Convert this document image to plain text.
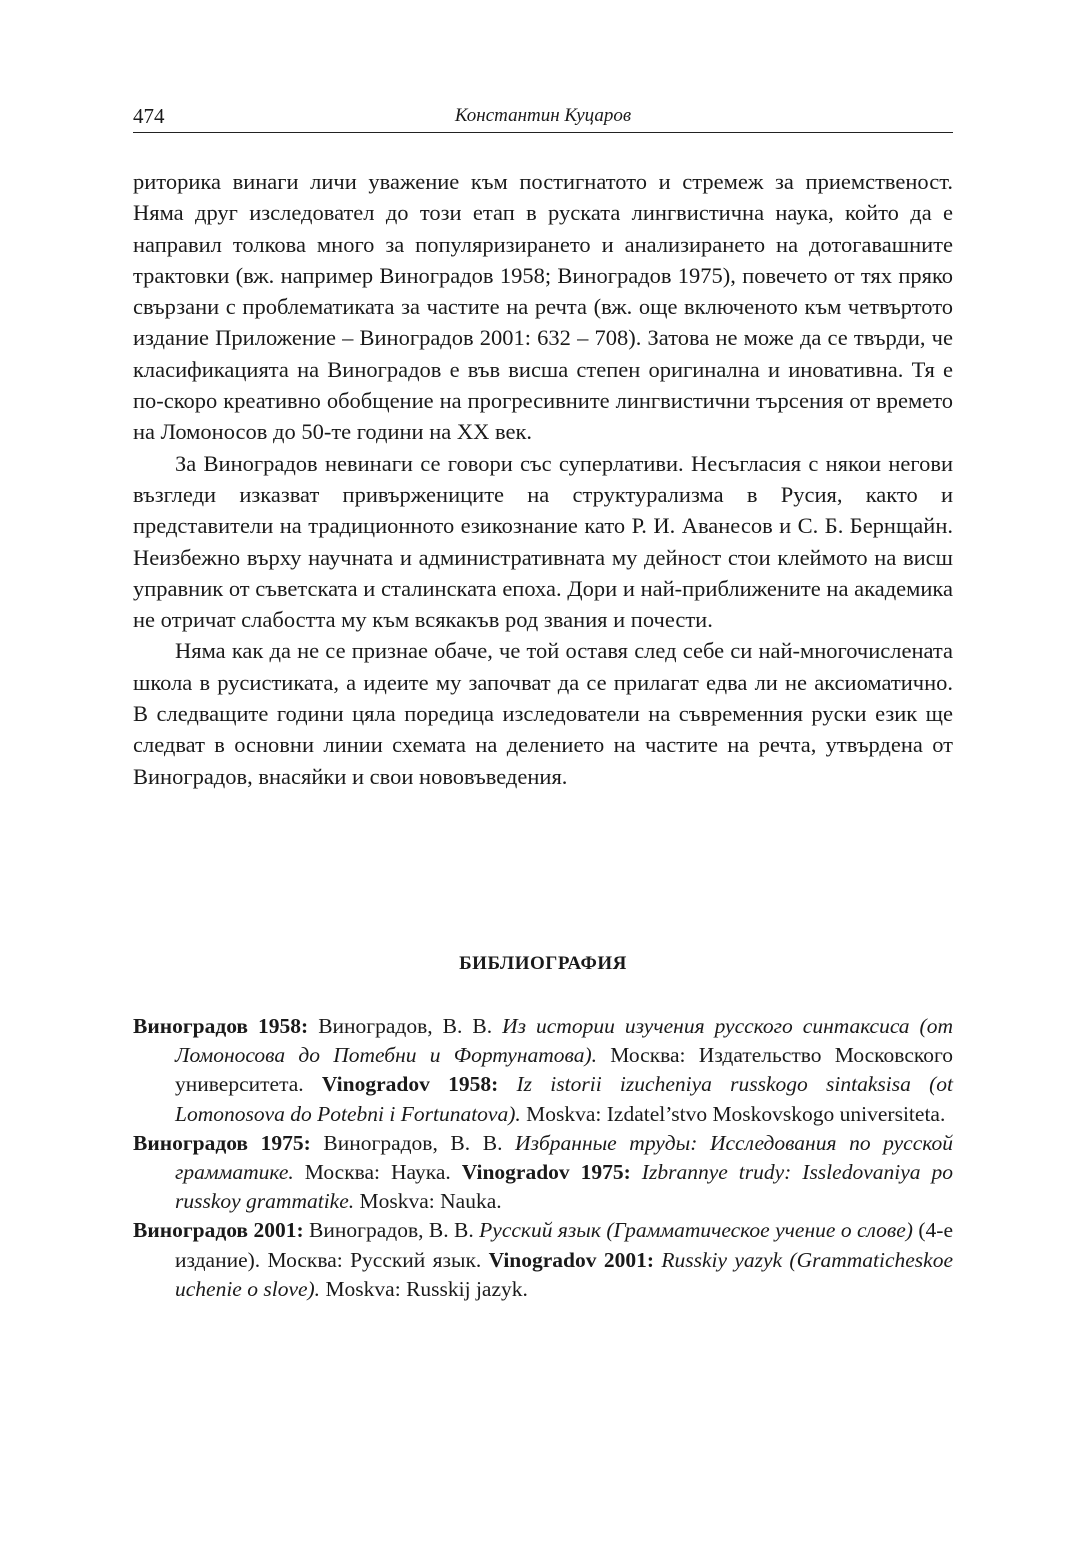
474	Константин Куцаров

риторика винаги личи уважение към постигнатото и стремеж за приемственост. Няма друг изследовател до този етап в руската лингвистична наука, който да е направил толкова много за популяризирането и анализирането на дотогавашните трактовки (вж. например Виноградов 1958; Виноградов 1975), повечето от тях пряко свързани с проблематиката за частите на речта (вж. още включеното към четвъртото издание Приложение ‒ Виноградов 2001: 632 – 708). Затова не може да се твърди, че класификацията на Виноградов е във висша степен оригинална и иновативна. Тя е по-скоро креативно обобщение на прогресивните лингвистични търсения от времето на Ломоносов до 50-те години на XX век.

За Виноградов невинаги се говори със суперлативи. Несъгласия с някои негови възгледи изказват привържениците на структурализма в Русия, както и представители на традиционното езикознание като Р. И. Аванесов и С. Б. Бернщайн. Неизбежно върху научната и административната му дейност стои клеймото на висш управник от съветската и сталинската епоха. Дори и най-приближените на академика не отричат слабостта му към всякакъв род звания и почести.

Няма как да не се признае обаче, че той оставя след себе си най-многочислената школа в русистиката, а идеите му започват да се прилагат едва ли не аксиоматично. В следващите години цяла поредица изследователи на съвременния руски език ще следват в основни линии схемата на делението на частите на речта, утвърдена от Виноградов, внасяйки и свои нововъведения.

БИБЛИОГРАФИЯ

Виноградов 1958: Виноградов, В. В. Из истории изучения русского синтаксиса (от Ломоносова до Потебни и Фортунатова). Москва: Издательство Московского университета. Vinogradov 1958: Iz istorii izucheniya russkogo sintaksisa (ot Lomonosova do Potebni i Fortunatova). Moskva: Izdatel’stvo Moskovskogo universiteta.

Виноградов 1975: Виноградов, В. В. Избранные труды: Исследования по русской грамматике. Москва: Наука. Vinogradov 1975: Izbrannye trudy: Issledovaniya po russkoy grammatike. Moskva: Nauka.

Виноградов 2001: Виноградов, В. В. Русский язык (Грамматическое учение о слове) (4-е издание). Москва: Русский язык. Vinogradov 2001: Russkiy yazyk (Grammaticheskoe uchenie o slove). Moskva: Russkij jazyk.
